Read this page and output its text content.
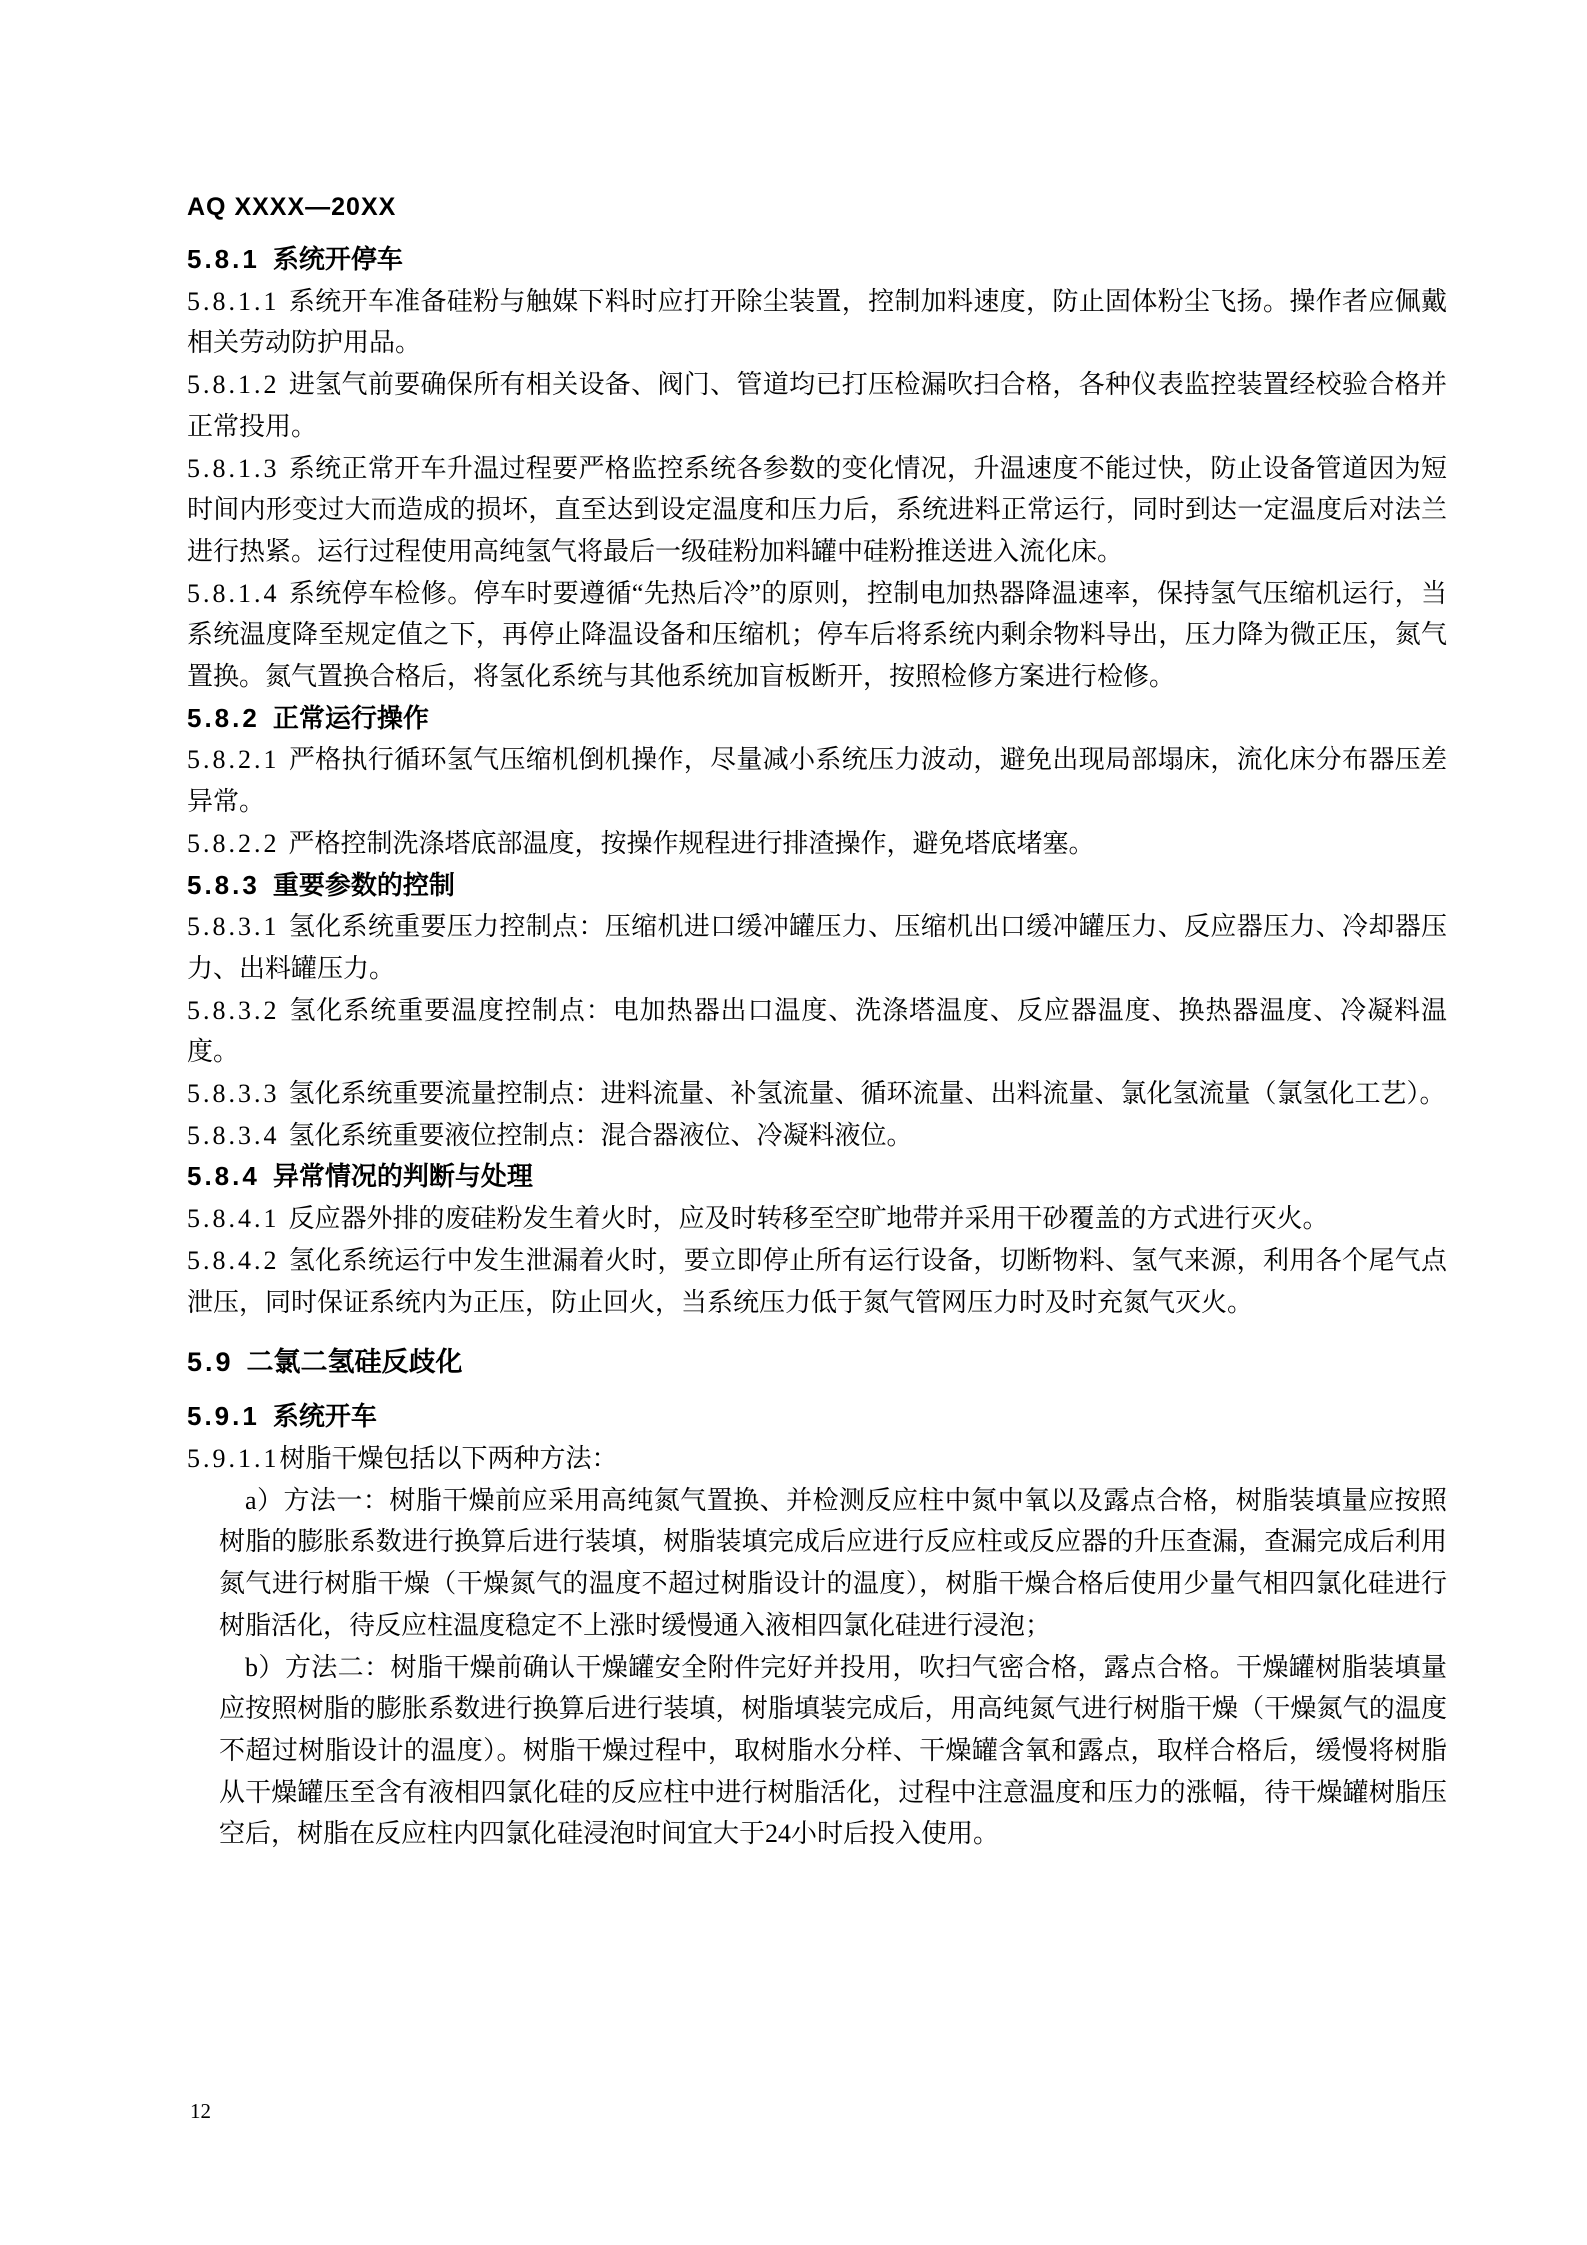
AQ XXXX—20XX
5.8.1 系统开停车

5.8.1.1 系统开车准备硅粉与触媒下料时应打开除尘装置，控制加料速度，防止固体粉尘飞扬。操作者应佩戴相关劳动防护用品。

5.8.1.2 进氢气前要确保所有相关设备、阀门、管道均已打压检漏吹扫合格，各种仪表监控装置经校验合格并正常投用。

5.8.1.3 系统正常开车升温过程要严格监控系统各参数的变化情况，升温速度不能过快，防止设备管道因为短时间内形变过大而造成的损坏，直至达到设定温度和压力后，系统进料正常运行，同时到达一定温度后对法兰进行热紧。运行过程使用高纯氢气将最后一级硅粉加料罐中硅粉推送进入流化床。

5.8.1.4 系统停车检修。停车时要遵循“先热后冷”的原则，控制电加热器降温速率，保持氢气压缩机运行，当系统温度降至规定值之下，再停止降温设备和压缩机；停车后将系统内剩余物料导出，压力降为微正压，氮气置换。氮气置换合格后，将氢化系统与其他系统加盲板断开，按照检修方案进行检修。

5.8.2 正常运行操作

5.8.2.1 严格执行循环氢气压缩机倒机操作，尽量减小系统压力波动，避免出现局部塌床，流化床分布器压差异常。

5.8.2.2 严格控制洗涤塔底部温度，按操作规程进行排渣操作，避免塔底堵塞。

5.8.3 重要参数的控制

5.8.3.1 氢化系统重要压力控制点：压缩机进口缓冲罐压力、压缩机出口缓冲罐压力、反应器压力、冷却器压力、出料罐压力。

5.8.3.2 氢化系统重要温度控制点：电加热器出口温度、洗涤塔温度、反应器温度、换热器温度、冷凝料温度。

5.8.3.3 氢化系统重要流量控制点：进料流量、补氢流量、循环流量、出料流量、氯化氢流量（氯氢化工艺）。

5.8.3.4 氢化系统重要液位控制点：混合器液位、冷凝料液位。

5.8.4 异常情况的判断与处理

5.8.4.1 反应器外排的废硅粉发生着火时，应及时转移至空旷地带并采用干砂覆盖的方式进行灭火。

5.8.4.2 氢化系统运行中发生泄漏着火时，要立即停止所有运行设备，切断物料、氢气来源，利用各个尾气点泄压，同时保证系统内为正压，防止回火，当系统压力低于氮气管网压力时及时充氮气灭火。

5.9 二氯二氢硅反歧化
5.9.1 系统开车

5.9.1.1树脂干燥包括以下两种方法：

a）方法一：树脂干燥前应采用高纯氮气置换、并检测反应柱中氮中氧以及露点合格，树脂装填量应按照树脂的膨胀系数进行换算后进行装填，树脂装填完成后应进行反应柱或反应器的升压查漏，查漏完成后利用氮气进行树脂干燥（干燥氮气的温度不超过树脂设计的温度），树脂干燥合格后使用少量气相四氯化硅进行树脂活化，待反应柱温度稳定不上涨时缓慢通入液相四氯化硅进行浸泡；

b）方法二：树脂干燥前确认干燥罐安全附件完好并投用，吹扫气密合格，露点合格。干燥罐树脂装填量应按照树脂的膨胀系数进行换算后进行装填，树脂填装完成后，用高纯氮气进行树脂干燥（干燥氮气的温度不超过树脂设计的温度）。树脂干燥过程中，取树脂水分样、干燥罐含氧和露点，取样合格后，缓慢将树脂从干燥罐压至含有液相四氯化硅的反应柱中进行树脂活化，过程中注意温度和压力的涨幅，待干燥罐树脂压空后，树脂在反应柱内四氯化硅浸泡时间宜大于24小时后投入使用。

12
